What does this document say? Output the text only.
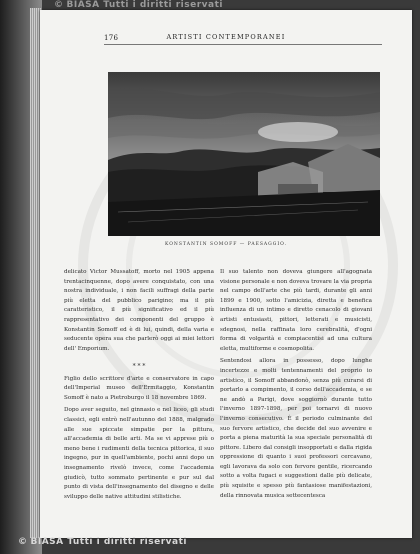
176	ARTISTI CONTEMPORANEI
KONSTANTIN SOMOFF — PAESAGGIO.

delicato Victor Mussatoff, morto nel 1905 appena trentacinquenne, dopo avere conquistato, con una nostra individuale, i non facili suffragi della parte più eletta del pubblico parigino; ma il più caratteristico, il più significativo ed il più rappresentativo dei componenti del gruppo è Konstantin Somoff ed è di lui, quindi, della varia e seducente opera sua che parlerò oggi ai miei lettori dell' Emporium.

* * *

Figlio dello scrittore d'arte e conservatore in capo dell'Imperial museo dell'Ermitaggio, Konstantin Somoff è nato a Pietroburgo il 18 novembre 1869.

Dopo aver seguito, nel ginnasio e nel liceo, gli studi classici, egli entrò nell'autunno del 1888, malgrado alle sue spiccate simpatie per la pittura, all'accademia di belle arti. Ma se vi apprese più o meno bene i rudimenti della tecnica pittorica, il suo ingegno, pur in quell'ambiente, pochi anni dopo un insegnamento rivelò invece, come l'accademia giudicò, tutto sommato pertinente e pur sul dal punto di vista dell'insegnamento del disegno e delle sviluppo delle native attitudini stilistiche.

Il suo talento non doveva giungere all'agognata visione personale e non doveva trovare la via propria nel campo dell'arte che più tardi, durante gli anni 1899 e 1900, sotto l'amicizia, diretta e benefica influenza di un intimo e diretto cenacolo di giovani artisti entusiasti, pittori, letterati e musicisti, sdegnosi, nella raffinata loro cerebralità, d'ogni forma di volgarità e compiacentisi ad una cultura eletta, multiforme e cosmopolita.

Sentendosi allora in possesso, dopo lunghe incertezze e molti tentennamenti del proprio io artistico, il Somoff abbandonò, senza più curarsi di portarlo a compimento, il corso dell'accademia, e se ne andò a Parigi, dove soggiornò durante tutto l'inverno 1897-1898, per poi tornarvi di nuovo l'inverno consecutivo. È il periodo culminante del suo fervore artistico, che decide del suo avvenire e porta a piena maturità la sua speciale personalità di pittore. Libero dal consigli insopportati e dalla rigida oppressione di quanto i suoi professori cercavano, egli lavorava da solo con fervore gentile, ricercando sotto a volta fugaci e suggestioni dalle più delicate, più squisite e spesso più fantasiose manifestazioni, della rinnovata musica settecentesca

© BIASA Tutti i diritti riservati
© BIASA Tutti i diritti riservati
